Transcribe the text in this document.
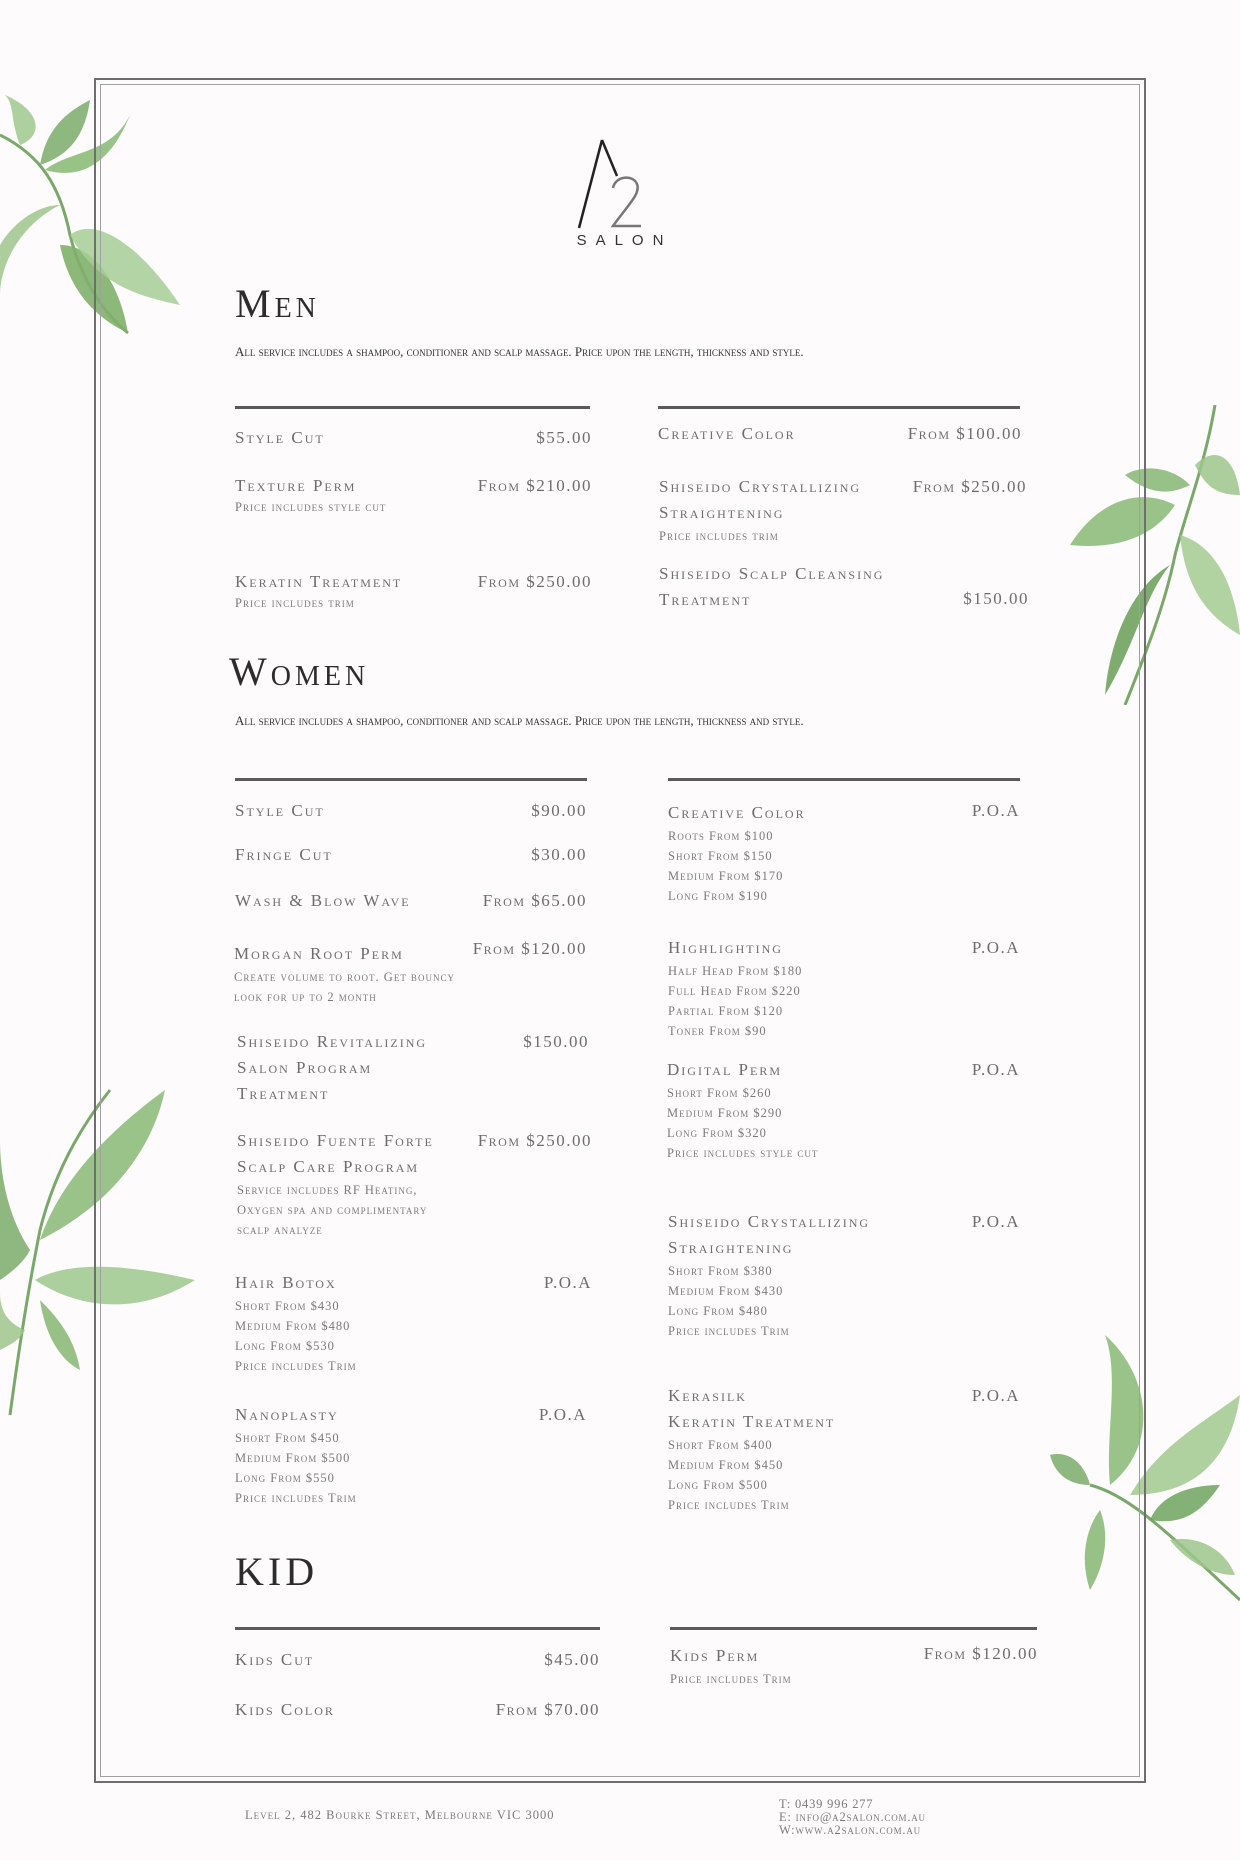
SALON
Men

All service includes a shampoo, conditioner and scalp massage. Price upon the length, thickness and style.

Style Cut	$55.00
Texture Perm	From $210.00
Price includes style cut
Keratin Treatment	From $250.00
Price includes trim
Creative Color	From $100.00
Shiseido Crystallizing
Straightening
From $250.00
Price includes trim
Shiseido Scalp Cleansing
Treatment	$150.00
Women

All service includes a shampoo, conditioner and scalp massage. Price upon the length, thickness and style.

Style Cut	$90.00
Fringe Cut	$30.00
Wash & Blow Wave	From $65.00
Morgan Root Perm	From $120.00
Create volume to root. Get bouncy
look for up to 2 month
Shiseido Revitalizing
Salon Program
Treatment
$150.00
Shiseido Fuente Forte
Scalp Care Program
From $250.00
Service includes RF Heating,
Oxygen spa and complimentary
scalp analyze
Hair Botox	P.O.A
Short From $430
Medium From $480
Long From $530
Price includes Trim
Nanoplasty	P.O.A
Short From $450
Medium From $500
Long From $550
Price includes Trim
Creative Color	P.O.A
Roots From $100
Short From $150
Medium From $170
Long From $190
Highlighting	P.O.A
Half Head From $180
Full Head From $220
Partial From $120
Toner From $90
Digital Perm	P.O.A
Short From $260
Medium From $290
Long From $320
Price includes style cut
Shiseido Crystallizing
Straightening
P.O.A
Short From $380
Medium From $430
Long From $480
Price includes Trim
Kerasilk
Keratin Treatment
P.O.A
Short From $400
Medium From $450
Long From $500
Price includes Trim
KID
Kids Cut	$45.00
Kids Color	From $70.00
Kids Perm	From $120.00
Price includes Trim
Level 2, 482 Bourke Street, Melbourne VIC 3000
T: 0439 996 277
E: info@a2salon.com.au
W:www.a2salon.com.au
